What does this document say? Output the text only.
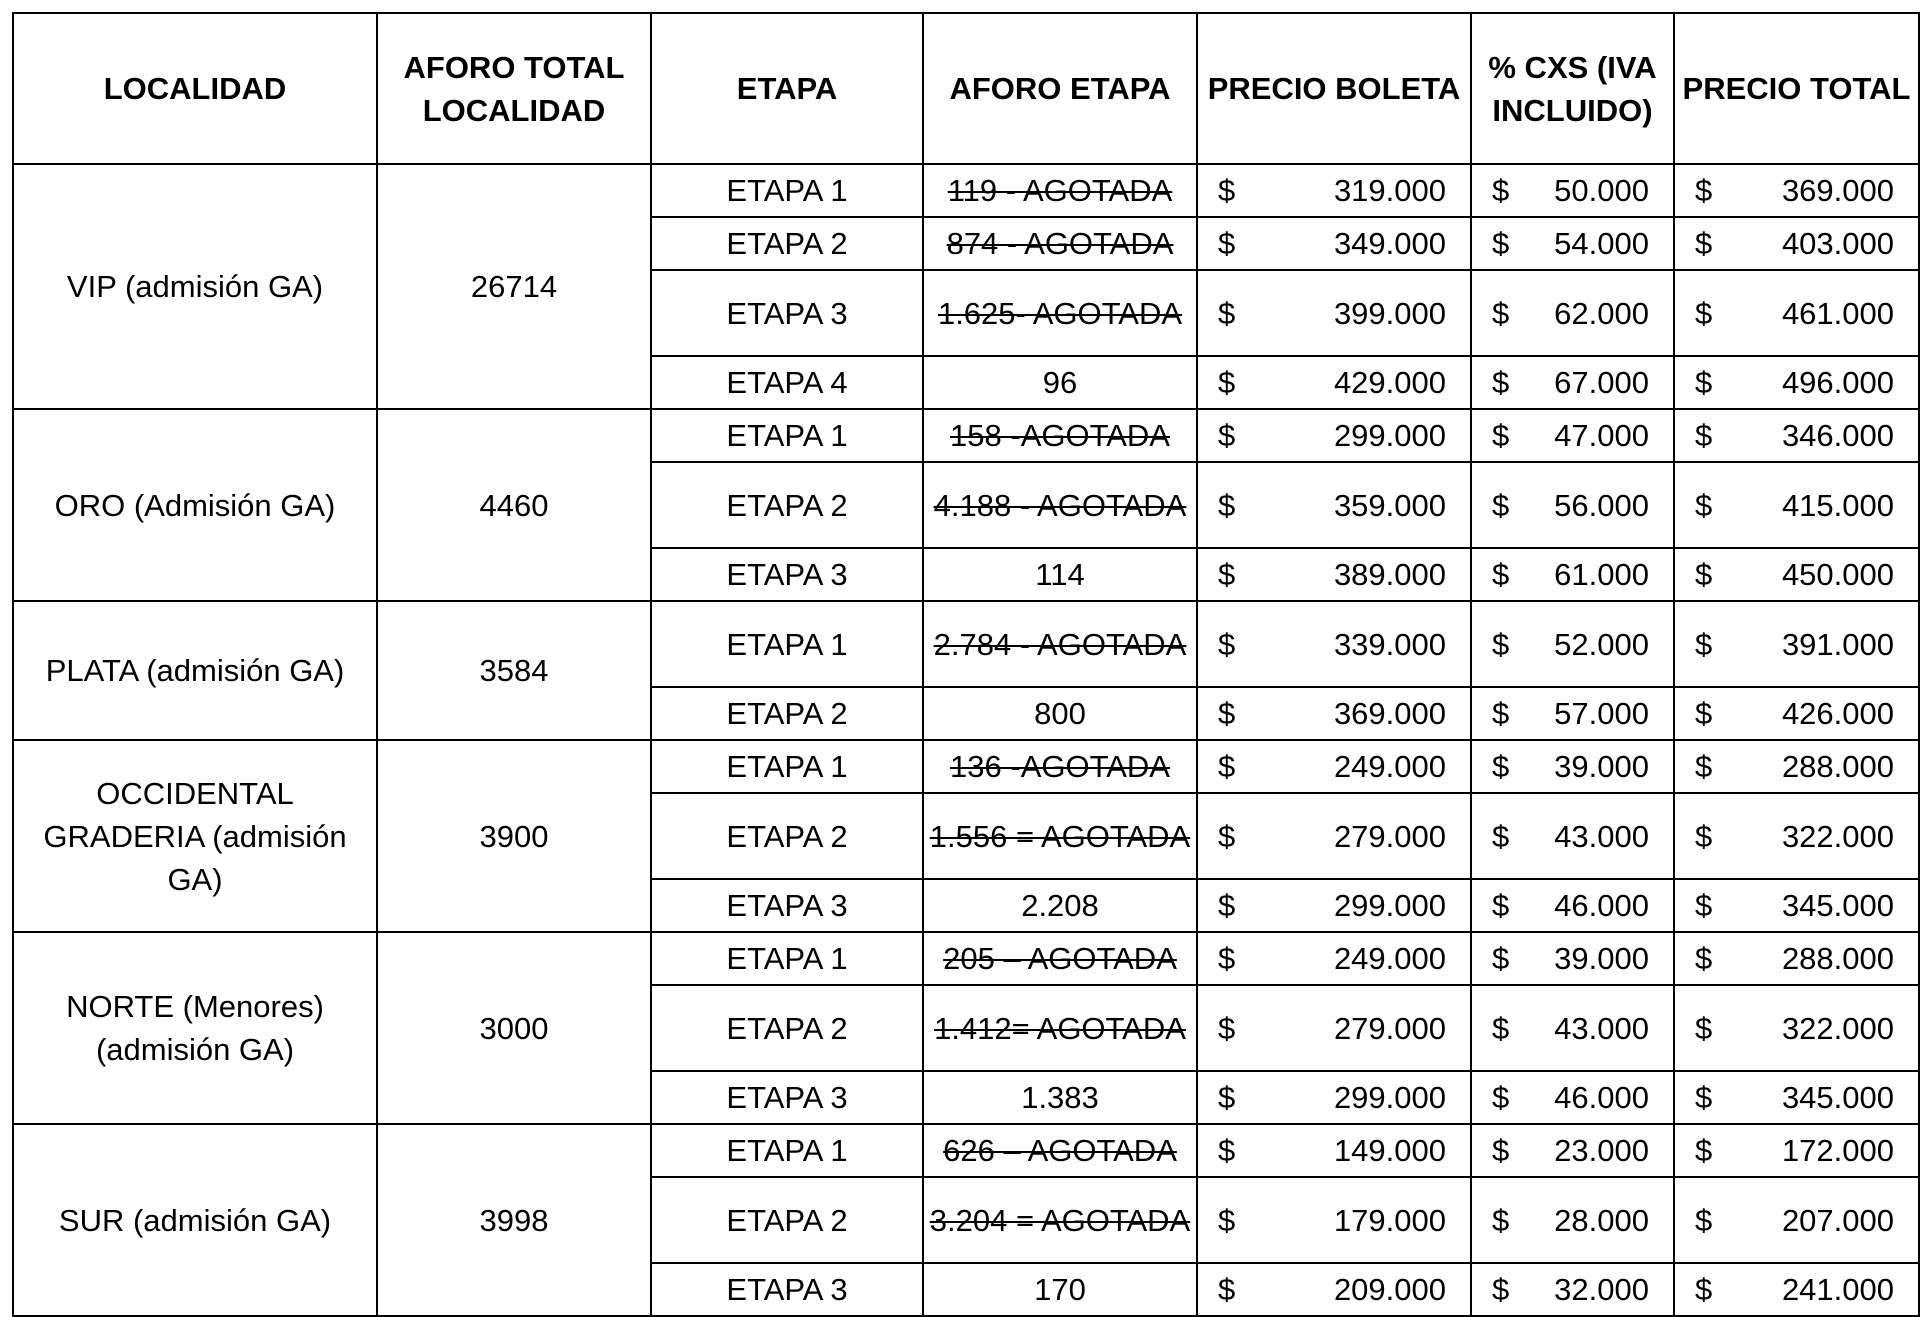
LOCALIDAD	AFORO TOTAL LOCALIDAD	ETAPA	AFORO ETAPA	PRECIO BOLETA	% CXS (IVA INCLUIDO)	PRECIO TOTAL
VIP (admisión GA)	26714	ETAPA 1	119 - AGOTADA	$ 319.000	$ 50.000	$ 369.000

		ETAPA 2	874 - AGOTADA	$ 349.000	$ 54.000	$ 403.000

		ETAPA 3	1.625- AGOTADA	$ 399.000	$ 62.000	$ 461.000

		ETAPA 4	96	$ 429.000	$ 67.000	$ 496.000

ORO (Admisión GA)	4460	ETAPA 1	158 -AGOTADA	$ 299.000	$ 47.000	$ 346.000

		ETAPA 2	4.188 - AGOTADA	$ 359.000	$ 56.000	$ 415.000

		ETAPA 3	114	$ 389.000	$ 61.000	$ 450.000

PLATA (admisión GA)	3584	ETAPA 1	2.784 - AGOTADA	$ 339.000	$ 52.000	$ 391.000

		ETAPA 2	800	$ 369.000	$ 57.000	$ 426.000

OCCIDENTAL GRADERIA (admisión GA)	3900	ETAPA 1	136 -AGOTADA	$ 249.000	$ 39.000	$ 288.000

		ETAPA 2	1.556 = AGOTADA	$ 279.000	$ 43.000	$ 322.000

		ETAPA 3	2.208	$ 299.000	$ 46.000	$ 345.000

NORTE (Menores) (admisión GA)	3000	ETAPA 1	205 – AGOTADA	$ 249.000	$ 39.000	$ 288.000

		ETAPA 2	1.412= AGOTADA	$ 279.000	$ 43.000	$ 322.000

		ETAPA 3	1.383	$ 299.000	$ 46.000	$ 345.000

SUR (admisión GA)	3998	ETAPA 1	626 – AGOTADA	$ 149.000	$ 23.000	$ 172.000

		ETAPA 2	3.204 = AGOTADA	$ 179.000	$ 28.000	$ 207.000

		ETAPA 3	170	$ 209.000	$ 32.000	$ 241.000
